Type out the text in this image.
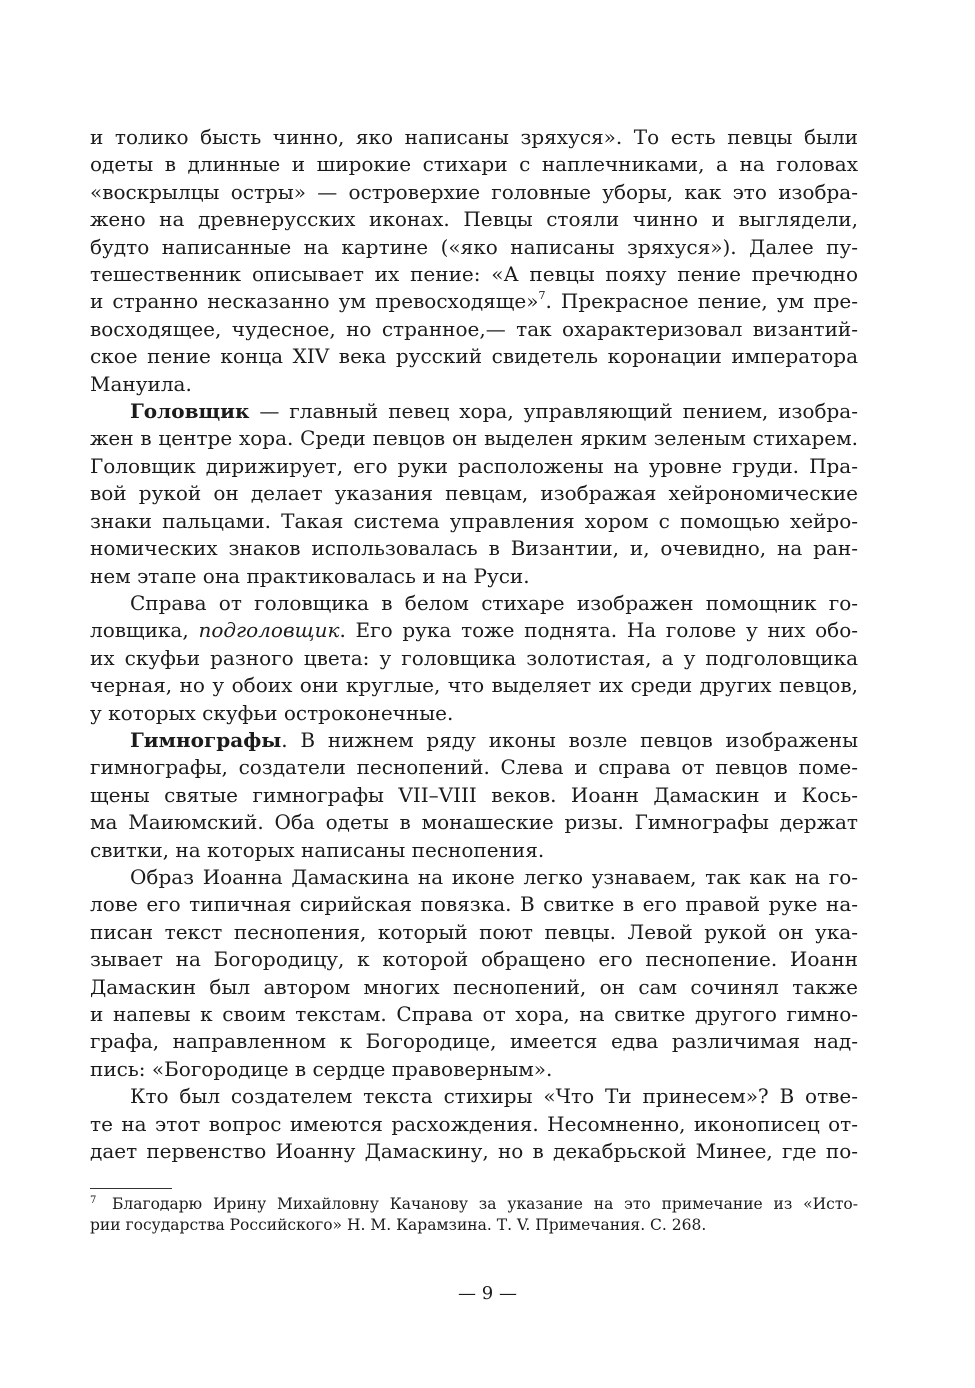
и толико бысть чинно, яко написаны зряхуся». То есть певцы были

одеты в длинные и широкие стихари с наплечниками, а на головах

«воскрылцы остры» — островерхие головные уборы, как это изобра-

жено на древнерусских иконах. Певцы стояли чинно и выглядели,

будто написанные на картине («яко написаны зряхуся»). Далее пу-

тешественник описывает их пение: «А певцы пояху пение пречюдно

и странно несказанно ум превосходяще»$^7$. Прекрасное пение, ум пре-

восходящее, чудесное, но странное,— так охарактеризовал византий-

ское пение конца XIV века русский свидетель коронации императора

Мануила.

Головщик — главный певец хора, управляющий пением, изобра-

жен в центре хора. Среди певцов он выделен ярким зеленым стихарем.

Головщик дирижирует, его руки расположены на уровне груди. Пра-

вой рукой он делает указания певцам, изображая хейрономические

знаки пальцами. Такая система управления хором с помощью хейро-

номических знаков использовалась в Византии, и, очевидно, на ран-

нем этапе она практиковалась и на Руси.

Справа от головщика в белом стихаре изображен помощник го-

ловщика, подголовщик. Его рука тоже поднята. На голове у них обо-

их скуфьи разного цвета: у головщика золотистая, а у подголовщика

черная, но у обоих они круглые, что выделяет их среди других певцов,

у которых скуфьи остроконечные.

Гимнографы. В нижнем ряду иконы возле певцов изображены

гимнографы, создатели песнопений. Слева и справа от певцов поме-

щены святые гимнографы VII–VIII веков. Иоанн Дамаскин и Кось-

ма Маиюмский. Оба одеты в монашеские ризы. Гимнографы держат

свитки, на которых написаны песнопения.

Образ Иоанна Дамаскина на иконе легко узнаваем, так как на го-

лове его типичная сирийская повязка. В свитке в его правой руке на-

писан текст песнопения, который поют певцы. Левой рукой он ука-

зывает на Богородицу, к которой обращено его песнопение. Иоанн

Дамаскин был автором многих песнопений, он сам сочинял также

и напевы к своим текстам. Справа от хора, на свитке другого гимно-

графа, направленном к Богородице, имеется едва различимая над-

пись: «Богородице в сердце правоверным».

Кто был создателем текста стихиры «Что Ти принесем»? В отве-

те на этот вопрос имеются расхождения. Несомненно, иконописец от-

дает первенство Иоанну Дамаскину, но в декабрьской Минее, где по-

7 Благодарю Ирину Михайловну Качанову за указание на это примечание из «Исто-

рии государства Российского» Н. М. Карамзина. Т. V. Примечания. С. 268.

— 9 —
